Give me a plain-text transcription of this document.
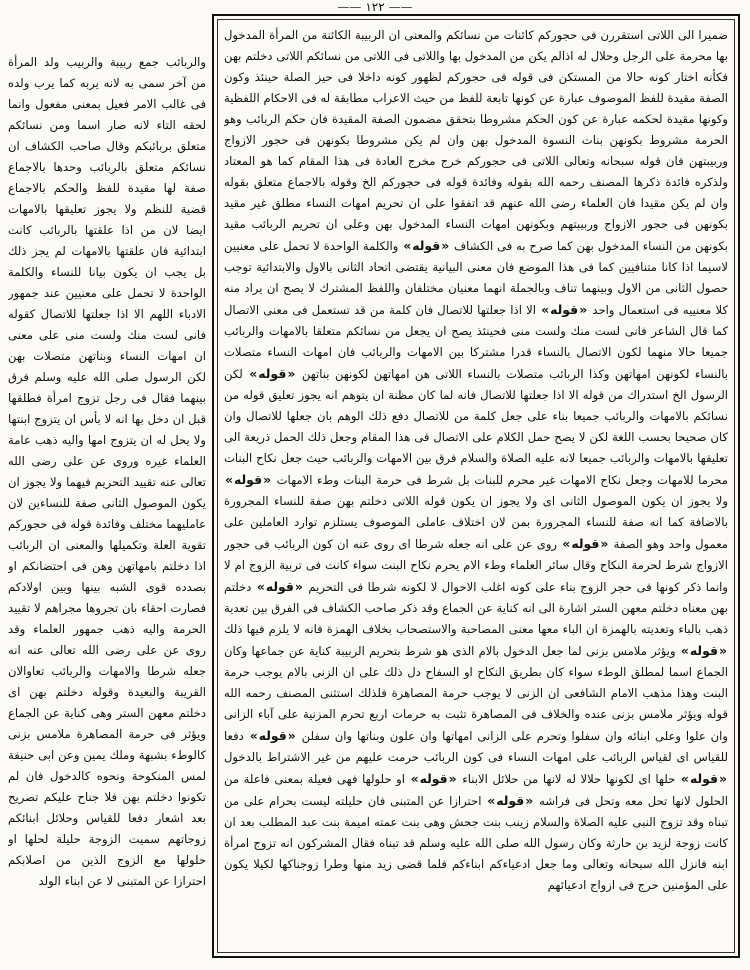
—— ١٢٢ ——

ضميرا الى اللاتى استقررن فى حجوركم كائنات من نسائكم والمعنى ان الربيبة الكائنة من المرأة المدخول بها محرمة على الرجل وحلال له اذالم يكن من المدخول بها واللاتى فى اللاتى من نسائكم اللاتى دخلتم بهن فكأنه اختار كونه حالا من المستكن فى قوله فى حجوركم لظهور كونه داخلا فى حيز الصلة حينئذ وكون الصفة مقيدة للفظ الموصوف عبارة عن كونها تابعة للفظ من حيث الاعراب مطابقة له فى الاحكام اللفظية وكونها مقيدة لحكمه عبارة عن كون الحكم مشروطا بتحقق مضمون الصفة المقيدة فان حكم الربائب وهو الحرمة مشروط بكونهن بنات النسوة المدخول بهن وان لم يكن مشروطا بكونهن فى حجور الازواج وربيبتهن فان قوله سبحانه وتعالى اللاتى فى حجوركم خرج مخرج العادة فى هذا المقام كما هو المعتاد ولذكره فائدة ذكرها المصنف رحمه الله بقوله وفائدة قوله فى حجوركم الخ وقوله بالاجماع متعلق بقوله وان لم يكن مقيدا فان العلماء رضى الله عنهم قد اتفقوا على ان تحريم امهات النساء مطلق غير مقيد بكونهن فى حجور الازواج وربيبتهم وبكونهن امهات النساء المدخول بهن وعلى ان تحريم الربائب مقيد بكونهن من النساء المدخول بهن كما صرح به فى الكشاف « قوله » والكلمة الواحدة لا تحمل على معنيين لاسيما اذا كانا متنافيين كما فى هذا الموضع فان معنى البيانية يقتضى اتحاد الثانى بالاول والابتدائية توجب حصول الثانى من الاول وبينهما تناف وبالجملة انهما معنيان مختلفان واللفظ المشترك لا يصح ان يراد منه كلا معنييه فى استعمال واحد « قوله » الا اذا جعلتها للاتصال فان كلمة من قد تستعمل فى معنى الاتصال كما قال الشاعر فانى لست منك ولست منى فحينئذ يصح ان يجعل من نسائكم متعلقا بالامهات والربائب جميعا حالا منهما لكون الاتصال بالنساء قدرا مشتركا بين الامهات والربائب فان امهات النساء متصلات بالنساء لكونهن امهاتهن وكذا الربائب متصلات بالنساء اللاتى هن امهاتهن لكونهن بناتهن « قوله » لكن الرسول الخ استدراك من قوله الا اذا جعلتها للاتصال فانه لما كان مظنة ان يتوهم انه يجوز تعليق قوله من نسائكم بالامهات والربائب جميعا بناء على جعل كلمة من للاتصال دفع ذلك الوهم بان جعلها للاتصال وان كان صحيحا بحسب اللغة لكن لا يصح حمل الكلام على الاتصال فى هذا المقام وجعل ذلك الحمل ذريعة الى تعليقها بالامهات والربائب جميعا لانه عليه الصلاة والسلام فرق بين الامهات والربائب حيث جعل نكاح البنات محرما للامهات وجعل نكاح الامهات غير محرم للبنات بل شرط فى حرمة البنات وطء الامهات « قوله » ولا يجوز ان يكون الموصول الثانى اى ولا يجوز ان يكون قوله اللاتى دخلتم بهن صفة للنساء المجرورة بالاضافة كما انه صفة للنساء المجرورة بمن لان اختلاف عاملى الموصوف يستلزم توارد العاملين على معمول واحد وهو الصفة « قوله » روى عن على انه جعله شرطا اى روى عنه ان كون الربائب فى حجور الازواج شرط لحرمة النكاح وقال سائر العلماء وطء الام يحرم نكاح البنت سواء كانت فى تربية الزوج ام لا وانما ذكر كونها فى حجر الزوج بناء على كونه اغلب الاحوال لا لكونه شرطا فى التحريم « قوله » دخلتم بهن معناه دخلتم معهن الستر اشارة الى انه كناية عن الجماع وقد ذكر صاحب الكشاف فى الفرق بين تعدية ذهب بالباء وتعديته بالهمزة ان الباء معها معنى المصاحبة والاستصحاب بخلاف الهمزة فانه لا يلزم فيها ذلك « قوله » ويؤثر ملامس بزنى لما جعل الدخول بالام الذى هو شرط بتحريم الربيبة كناية عن جماعها وكان الجماع اسما لمطلق الوطء سواء كان بطريق النكاح او السفاح دل ذلك على ان الزنى بالام يوجب حرمة البنت وهذا مذهب الامام الشافعى ان الزنى لا يوجب حرمة المصاهرة فلذلك استثنى المصنف رحمه الله قوله ويؤثر ملامس بزنى عنده والخلاف فى المصاهرة تثبت به حرمات اربع تحرم المزنية على آباء الزانى وان علوا وعلى ابنائه وان سفلوا وتحرم على الزانى امهاتها وان علون وبناتها وان سفلن « قوله » دفعا للقياس اى لقياس الربائب على امهات النساء فى كون الربائب حرمت عليهم من غير الاشتراط بالدخول « قوله » حلها اى لكونها حلالا له لانها من حلائل الابناء « قوله » او حلولها فهى فعيلة بمعنى فاعلة من الحلول لانها تحل معه وتحل فى فراشه « قوله » احترازا عن المتبنى فان حليلته ليست بحرام على من تبناه وقد تزوج النبى عليه الصلاة والسلام زينب بنت جحش وهى بنت عمته اميمة بنت عبد المطلب بعد ان كانت زوجة لزيد بن حارثة وكان رسول الله صلى الله عليه وسلم قد تبناه فقال المشركون انه تزوج امرأة ابنه فانزل الله سبحانه وتعالى وما جعل ادعياءكم ابناءكم فلما قضى زيد منها وطرا زوجناكها لكيلا يكون على المؤمنين حرج فى ازواج ادعيائهم

والربائب جمع ربيبة والربيب ولد المرأة من آخر سمى به لانه يربه كما يرب ولده فى غالب الامر فعيل بمعنى مفعول وانما لحقه التاء لانه صار اسما ومن نسائكم متعلق بربائبكم وقال صاحب الكشاف ان نسائكم متعلق بالربائب وحدها بالاجماع صفة لها مقيدة للفظ والحكم بالاجماع قضية للنظم ولا يجوز تعليقها بالامهات ايضا لان من اذا علقتها بالربائب كانت ابتدائية فان علقتها بالامهات لم يجز ذلك بل يجب ان يكون بيانا للنساء والكلمة الواحدة لا تحمل على معنيين عند جمهور الادباء اللهم الا اذا جعلتها للاتصال كقوله فانى لست منك ولست منى على معنى ان امهات النساء وبناتهن متصلات بهن لكن الرسول صلى الله عليه وسلم فرق بينهما فقال فى رجل تزوج امرأة فطلقها قبل ان دخل بها انه لا بأس ان يتزوج ابنتها ولا يحل له ان يتزوج امها واليه ذهب عامة العلماء غيره وروى عن على رضى الله تعالى عنه تقييد التحريم فيهما ولا يجوز ان يكون الموصول الثانى صفة للنساءين لان عامليهما مختلف وفائدة قوله فى حجوركم تقوية العلة وتكميلها والمعنى ان الربائب اذا دخلتم بامهاتهن وهن فى احتضانكم او بصدده قوى الشبه بينها وبين اولادكم فصارت احقاء بان تجروها مجراهم لا تقييد الحرمة واليه ذهب جمهور العلماء وقد روى عن على رضى الله تعالى عنه انه جعله شرطا والامهات والربائب تعاوالان القريبة والبعيدة وقوله دخلتم بهن اى دخلتم معهن الستر وهى كناية عن الجماع ويؤثر فى حرمة المصاهرة ملامس بزنى كالوطء بشبهة وملك يمين وعن ابى حنيفة لمس المنكوحة ونحوه كالدخول فان لم تكونوا دخلتم بهن فلا جناح عليكم تصريح بعد اشعار دفعا للقياس وحلائل ابنائكم زوجاتهم سميت الزوجة حليلة لحلها او حلولها مع الزوج الذين من اصلابكم احترازا عن المتبنى لا عن ابناء الولد
